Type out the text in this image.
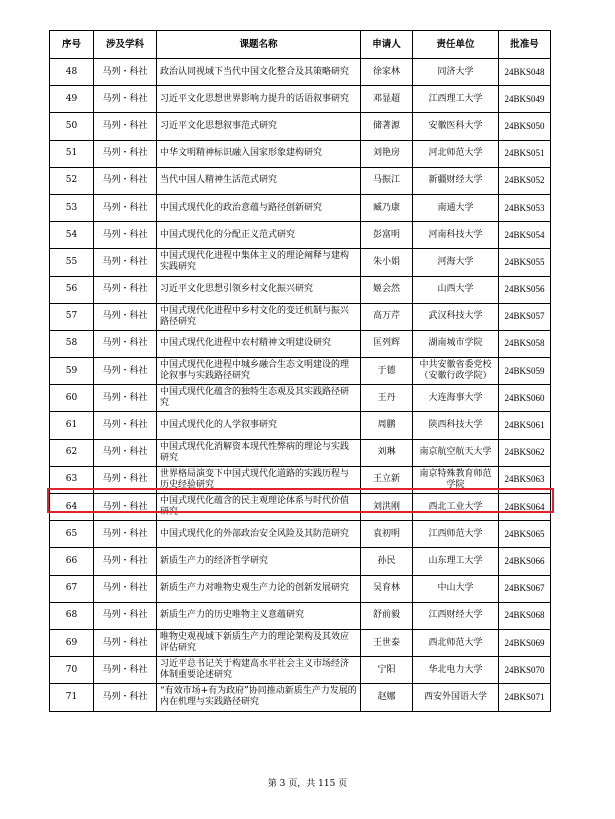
序号	涉及学科	课题名称	申请人	责任单位	批准号
48	马列・科社	政治认同视域下当代中国文化整合及其策略研究	徐家林	同济大学	24BKS048
49	马列・科社	习近平文化思想世界影响力提升的话语叙事研究	邓显超	江西理工大学	24BKS049
50	马列・科社	习近平文化思想叙事范式研究	储著源	安徽医科大学	24BKS050
51	马列・科社	中华文明精神标识融入国家形象建构研究	刘艳房	河北师范大学	24BKS051
52	马列・科社	当代中国人精神生活范式研究	马振江	新疆财经大学	24BKS052
53	马列・科社	中国式现代化的政治意蕴与路径创新研究	臧乃康	南通大学	24BKS053
54	马列・科社	中国式现代化的分配正义范式研究	彭富明	河南科技大学	24BKS054
55	马列・科社	中国式现代化进程中集体主义的理论阐释与建构实践研究	朱小娟	河海大学	24BKS055
56	马列・科社	习近平文化思想引领乡村文化振兴研究	姬会然	山西大学	24BKS056
57	马列・科社	中国式现代化进程中乡村文化的变迁机制与振兴路径研究	高万芹	武汉科技大学	24BKS057
58	马列・科社	中国式现代化进程中农村精神文明建设研究	匡列辉	湖南城市学院	24BKS058
59	马列・科社	中国式现代化进程中城乡融合生态文明建设的理论叙事与实践路径研究	于德	中共安徽省委党校（安徽行政学院）	24BKS059
60	马列・科社	中国式现代化蕴含的独特生态观及其实践路径研究	王丹	大连海事大学	24BKS060
61	马列・科社	中国式现代化的人学叙事研究	周鹏	陕西科技大学	24BKS061
62	马列・科社	中国式现代化消解资本现代性弊病的理论与实践研究	刘琳	南京航空航天大学	24BKS062
63	马列・科社	世界格局演变下中国式现代化道路的实践历程与历史经验研究	王立新	南京特殊教育师范学院	24BKS063
64	马列・科社	中国式现代化蕴含的民主观理论体系与时代价值研究	刘洪刚	西北工业大学	24BKS064
65	马列・科社	中国式现代化的外部政治安全风险及其防范研究	袁初明	江西师范大学	24BKS065
66	马列・科社	新质生产力的经济哲学研究	孙民	山东理工大学	24BKS066
67	马列・科社	新质生产力对唯物史观生产力论的创新发展研究	吴育林	中山大学	24BKS067
68	马列・科社	新质生产力的历史唯物主义意蕴研究	舒前毅	江西财经大学	24BKS068
69	马列・科社	唯物史观视域下新质生产力的理论架构及其效应评估研究	王世泰	西北师范大学	24BKS069
70	马列・科社	习近平总书记关于构建高水平社会主义市场经济体制重要论述研究	宁阳	华北电力大学	24BKS070
71	马列・科社	“有效市场+有为政府”协同推动新质生产力发展的内在机理与实践路径研究	赵娜	西安外国语大学	24BKS071
第 3 页，共 115 页
